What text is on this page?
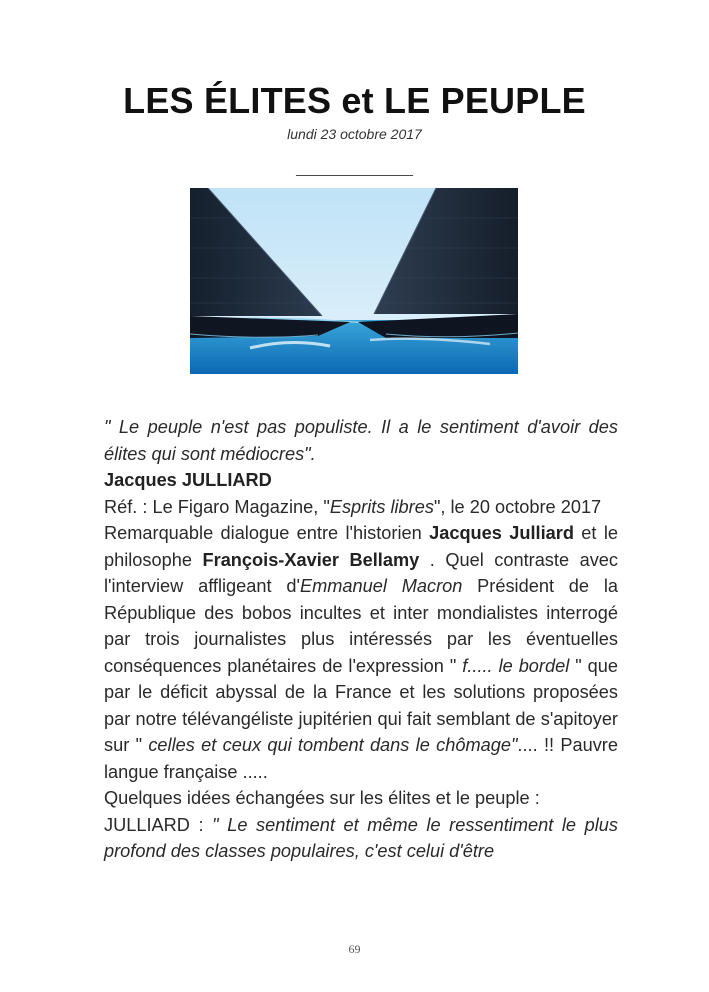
LES ÉLITES et LE PEUPLE
lundi 23 octobre 2017
_______________

" Le peuple n'est pas populiste. Il a le sentiment d'avoir des élites qui sont médiocres".

Jacques JULLIARD

Réf. : Le Figaro Magazine, "Esprits libres", le 20 octobre 2017

Remarquable dialogue entre l'historien Jacques Julliard et le philosophe François-Xavier Bellamy . Quel contraste avec l'interview affligeant d'Emmanuel Macron Président de la République des bobos incultes et inter mondialistes interrogé par trois journalistes plus intéressés par les éventuelles conséquences planétaires de l'expression " f..... le bordel " que par le déficit abyssal de la France et les solutions proposées par notre télévangéliste jupitérien qui fait semblant de s'apitoyer sur " celles et ceux qui tombent dans le chômage".... !! Pauvre langue française .....

Quelques idées échangées sur les élites et le peuple :

JULLIARD : " Le sentiment et même le ressentiment le plus profond des classes populaires, c'est celui d'être

69
